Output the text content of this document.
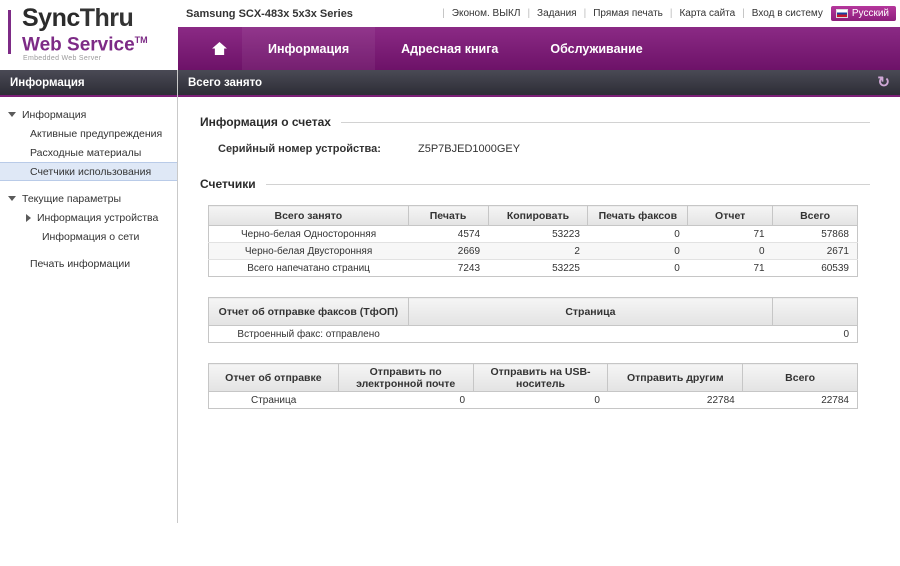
SyncThru
Web Service™
Embedded Web Server
Samsung SCX-483x 5x3x Series	| Эконом. ВЫКЛ | Задания | Прямая печать | Карта сайта | Вход в систему	Русский
Информация	Адресная книга	Обслуживание
Информация
Информация
Активные предупреждения
Расходные материалы
Счетчики использования
Текущие параметры
Информация устройства
Информация о сети
Печать информации
Всего занято	↻
Информация о счетах
Серийный номер устройства:	Z5P7BJED1000GEY
Счетчики
Всего занято	Печать	Копировать	Печать факсов	Отчет	Всего
Черно-белая Односторонняя	4574	53223	0	71	57868
Черно-белая Двусторонняя	2669	2	0	0	2671
Всего напечатано страниц	7243	53225	0	71	60539
Отчет об отправке факсов (ТфОП)	Страница	
Встроенный факс: отправлено		0
Отчет об отправке	Отправить по электронной почте	Отправить на USB-носитель	Отправить другим	Всего
Страница	0	0	22784	22784
